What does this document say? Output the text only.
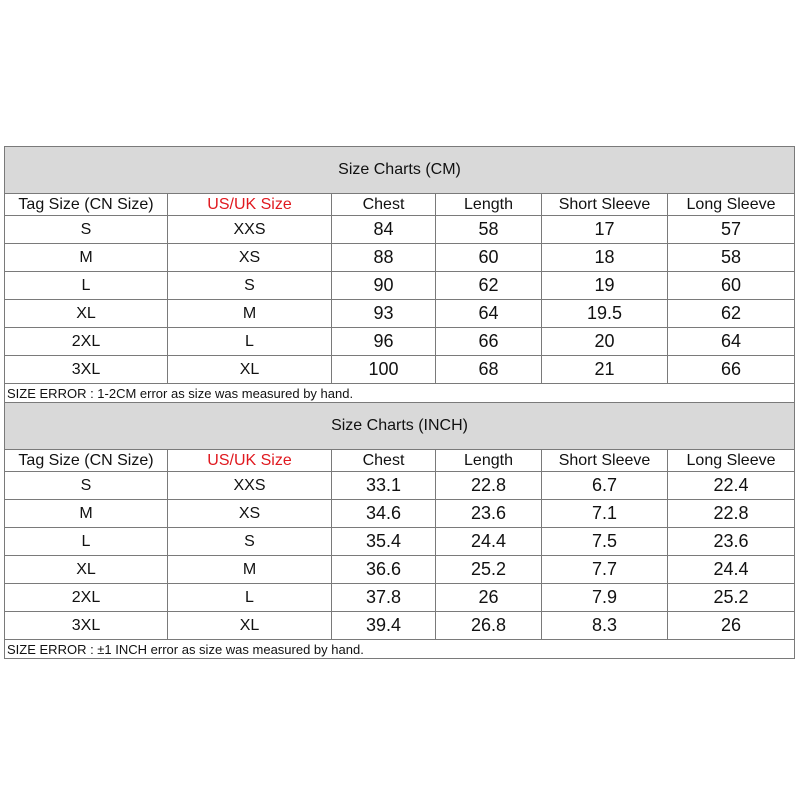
Size Charts (CM)					
Tag Size (CN Size)	US/UK Size	Chest	Length	Short Sleeve	Long Sleeve
S	XXS	84	58	17	57
M	XS	88	60	18	58
L	S	90	62	19	60
XL	M	93	64	19.5	62
2XL	L	96	66	20	64
3XL	XL	100	68	21	66
SIZE ERROR : 1-2CM error as size was measured by hand.					
Size Charts (INCH)					
Tag Size (CN Size)	US/UK Size	Chest	Length	Short Sleeve	Long Sleeve
S	XXS	33.1	22.8	6.7	22.4
M	XS	34.6	23.6	7.1	22.8
L	S	35.4	24.4	7.5	23.6
XL	M	36.6	25.2	7.7	24.4
2XL	L	37.8	26	7.9	25.2
3XL	XL	39.4	26.8	8.3	26
SIZE ERROR : ±1 INCH error as size was measured by hand.					
